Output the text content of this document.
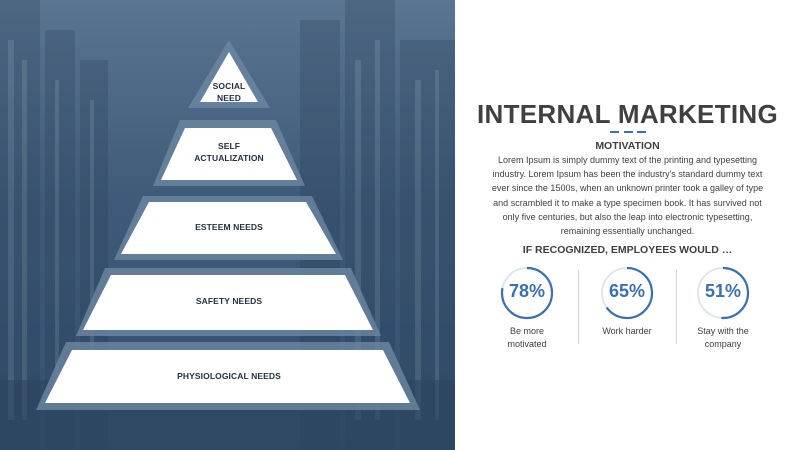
SOCIAL
NEED
SELF
ACTUALIZATION
ESTEEM NEEDS
SAFETY NEEDS
PHYSIOLOGICAL NEEDS
INTERNAL MARKETING
MOTIVATION
Lorem Ipsum is simply dummy text of the printing and typesetting industry. Lorem Ipsum has been the industry's standard dummy text ever since the 1500s, when an unknown printer took a galley of type and scrambled it to make a type specimen book. It has survived not only five centuries, but also the leap into electronic typesetting, remaining essentially unchanged.
IF RECOGNIZED, EMPLOYEES WOULD …
78%
Be more
motivated
65%
Work harder
51%
Stay with the
company
